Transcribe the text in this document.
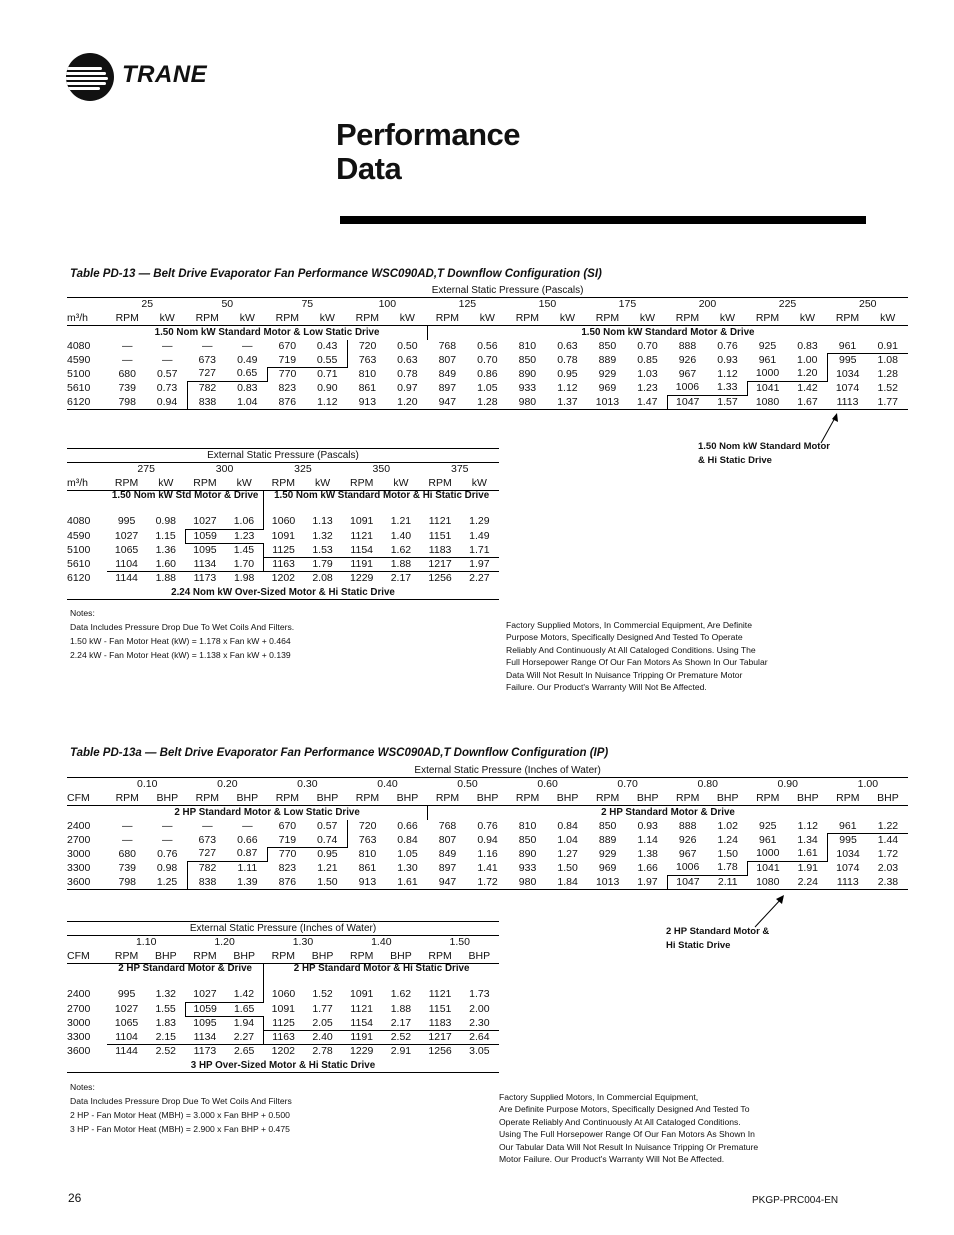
TRANE
Performance
Data
Table PD-13 — Belt Drive Evaporator Fan Performance WSC090AD,T Downflow Configuration (SI)
	External Static Pressure (Pascals)																			
	25		50		75		100		125		150		175		200		225		250	
m³/h	RPM	kW	RPM	kW	RPM	kW	RPM	kW	RPM	kW	RPM	kW	RPM	kW	RPM	kW	RPM	kW	RPM	kW
	1.50 Nom kW Standard Motor & Low Static Drive								1.50 Nom kW Standard Motor & Drive											
4080	—	—	—	—	670	0.43	720	0.50	768	0.56	810	0.63	850	0.70	888	0.76	925	0.83	961	0.91
4590	—	—	673	0.49	719	0.55	763	0.63	807	0.70	850	0.78	889	0.85	926	0.93	961	1.00	995	1.08
5100	680	0.57	727	0.65	770	0.71	810	0.78	849	0.86	890	0.95	929	1.03	967	1.12	1000	1.20	1034	1.28
5610	739	0.73	782	0.83	823	0.90	861	0.97	897	1.05	933	1.12	969	1.23	1006	1.33	1041	1.42	1074	1.52
6120	798	0.94	838	1.04	876	1.12	913	1.20	947	1.28	980	1.37	1013	1.47	1047	1.57	1080	1.67	1113	1.77
External Static Pressure (Pascals)										
	275		300		325		350		375	
m³/h	RPM	kW	RPM	kW	RPM	kW	RPM	kW	RPM	kW
	1.50 Nom kW Std Motor & Drive				1.50 Nom kW Standard Motor & Hi Static Drive					
4080	995	0.98	1027	1.06	1060	1.13	1091	1.21	1121	1.29
4590	1027	1.15	1059	1.23	1091	1.32	1121	1.40	1151	1.49
5100	1065	1.36	1095	1.45	1125	1.53	1154	1.62	1183	1.71
5610	1104	1.60	1134	1.70	1163	1.79	1191	1.88	1217	1.97
6120	1144	1.88	1173	1.98	1202	2.08	1229	2.17	1256	2.27
2.24 Nom kW Over-Sized Motor & Hi Static Drive										
Notes:
Data Includes Pressure Drop Due To Wet Coils And Filters.
1.50 kW - Fan Motor Heat (kW) = 1.178 x Fan kW + 0.464
2.24 kW - Fan Motor Heat (kW) = 1.138 x Fan kW + 0.139
Factory Supplied Motors, In Commercial Equipment, Are Definite
Purpose Motors, Specifically Designed And Tested To Operate
Reliably And Continuously At All Cataloged Conditions. Using The
Full Horsepower Range Of Our Fan Motors As Shown In Our Tabular
Data Will Not Result In Nuisance Tripping Or Premature Motor
Failure. Our Product's Warranty Will Not Be Affected.
1.50 Nom kW Standard Motor
& Hi Static Drive
Table PD-13a — Belt Drive Evaporator Fan Performance WSC090AD,T Downflow Configuration (IP)
	External Static Pressure (Inches of Water)																			
	0.10		0.20		0.30		0.40		0.50		0.60		0.70		0.80		0.90		1.00	
CFM	RPM	BHP	RPM	BHP	RPM	BHP	RPM	BHP	RPM	BHP	RPM	BHP	RPM	BHP	RPM	BHP	RPM	BHP	RPM	BHP
	2 HP Standard Motor & Low Static Drive								2 HP Standard Motor & Drive											
2400	—	—	—	—	670	0.57	720	0.66	768	0.76	810	0.84	850	0.93	888	1.02	925	1.12	961	1.22
2700	—	—	673	0.66	719	0.74	763	0.84	807	0.94	850	1.04	889	1.14	926	1.24	961	1.34	995	1.44
3000	680	0.76	727	0.87	770	0.95	810	1.05	849	1.16	890	1.27	929	1.38	967	1.50	1000	1.61	1034	1.72
3300	739	0.98	782	1.11	823	1.21	861	1.30	897	1.41	933	1.50	969	1.66	1006	1.78	1041	1.91	1074	2.03
3600	798	1.25	838	1.39	876	1.50	913	1.61	947	1.72	980	1.84	1013	1.97	1047	2.11	1080	2.24	1113	2.38
External Static Pressure (Inches of Water)										
	1.10		1.20		1.30		1.40		1.50	
CFM	RPM	BHP	RPM	BHP	RPM	BHP	RPM	BHP	RPM	BHP
	2 HP Standard Motor & Drive				2 HP Standard Motor & Hi Static Drive					
2400	995	1.32	1027	1.42	1060	1.52	1091	1.62	1121	1.73
2700	1027	1.55	1059	1.65	1091	1.77	1121	1.88	1151	2.00
3000	1065	1.83	1095	1.94	1125	2.05	1154	2.17	1183	2.30
3300	1104	2.15	1134	2.27	1163	2.40	1191	2.52	1217	2.64
3600	1144	2.52	1173	2.65	1202	2.78	1229	2.91	1256	3.05
3 HP Over-Sized Motor & Hi Static Drive										
Notes:
Data Includes Pressure Drop Due To Wet Coils And Filters
2 HP - Fan Motor Heat (MBH) = 3.000 x Fan BHP + 0.500
3 HP - Fan Motor Heat (MBH) = 2.900 x Fan BHP + 0.475
Factory Supplied Motors, In Commercial Equipment,
Are Definite Purpose Motors, Specifically Designed And Tested To
Operate Reliably And Continuously At All Cataloged Conditions.
Using The Full Horsepower Range Of Our Fan Motors As Shown In
Our Tabular Data Will Not Result In Nuisance Tripping Or Premature
Motor Failure. Our Product's Warranty Will Not Be Affected.
2 HP Standard Motor &
Hi Static Drive
26	PKGP-PRC004-EN
